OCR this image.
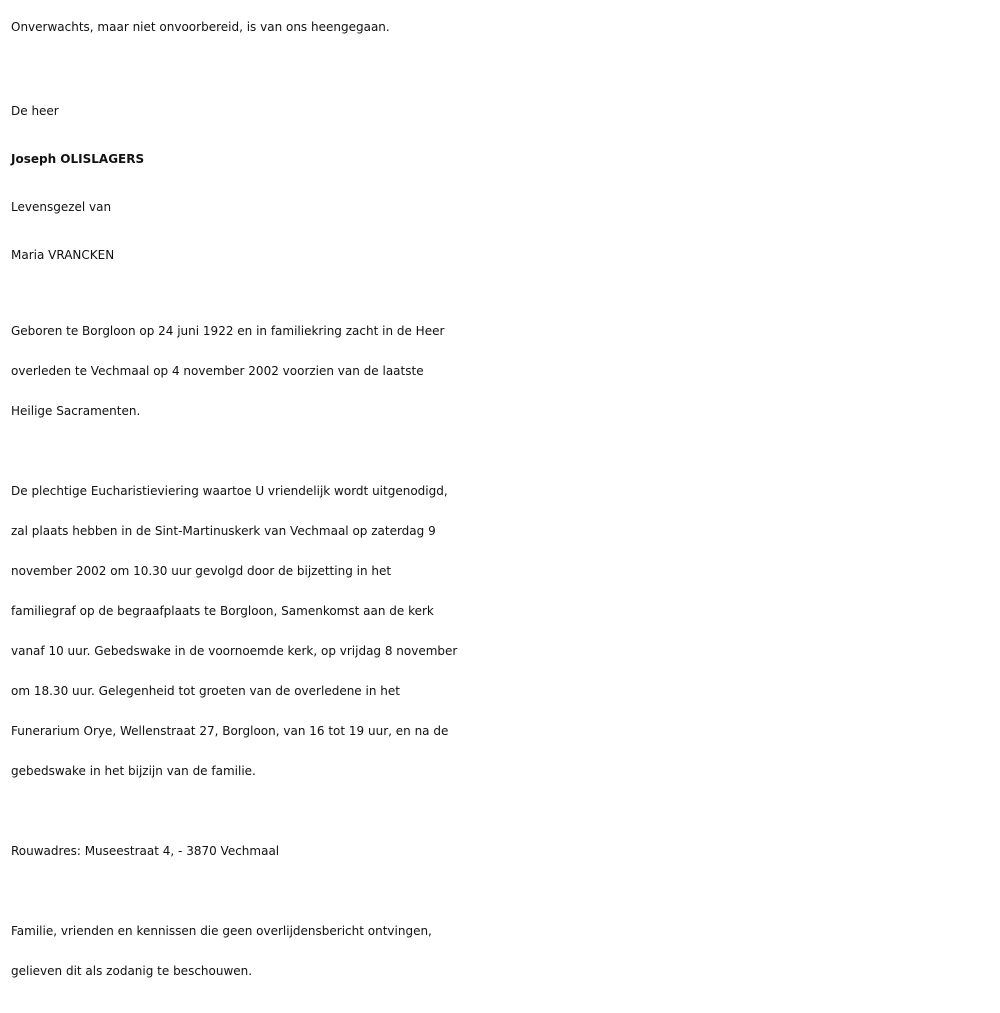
Onverwachts, maar niet onvoorbereid, is van ons heengegaan.

De heer

Joseph OLISLAGERS

Levensgezel van

Maria VRANCKEN

Geboren te Borgloon op 24 juni 1922 en in familiekring zacht in de Heer

overleden te Vechmaal op 4 november 2002 voorzien van de laatste

Heilige Sacramenten.

De plechtige Eucharistieviering waartoe U vriendelijk wordt uitgenodigd,

zal plaats hebben in de Sint-Martinuskerk van Vechmaal op zaterdag 9

november 2002 om 10.30 uur gevolgd door de bijzetting in het

familiegraf op de begraafplaats te Borgloon, Samenkomst aan de kerk

vanaf 10 uur. Gebedswake in de voornoemde kerk, op vrijdag 8 november

om 18.30 uur. Gelegenheid tot groeten van de overledene in het

Funerarium Orye, Wellenstraat 27, Borgloon, van 16 tot 19 uur, en na de

gebedswake in het bijzijn van de familie.

Rouwadres: Museestraat 4, - 3870 Vechmaal

Familie, vrienden en kennissen die geen overlijdensbericht ontvingen,

gelieven dit als zodanig te beschouwen.
